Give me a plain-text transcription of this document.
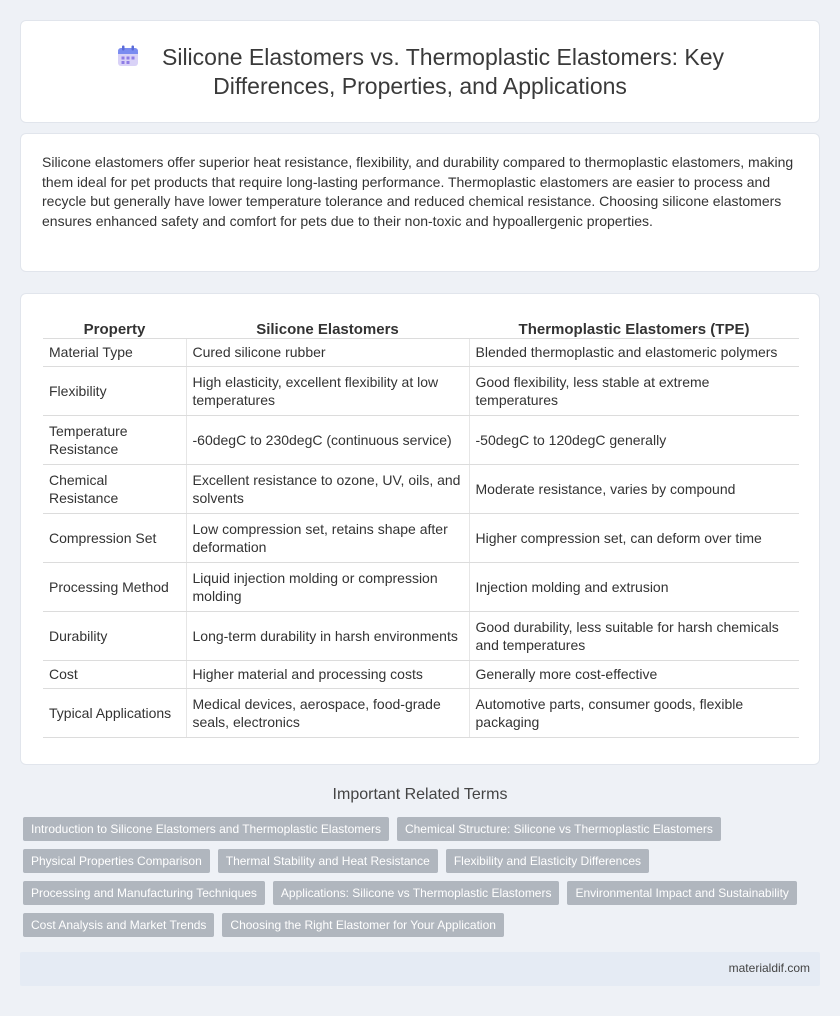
Silicone Elastomers vs. Thermoplastic Elastomers: Key Differences, Properties, and Applications

Silicone elastomers offer superior heat resistance, flexibility, and durability compared to thermoplastic elastomers, making them ideal for pet products that require long-lasting performance. Thermoplastic elastomers are easier to process and recycle but generally have lower temperature tolerance and reduced chemical resistance. Choosing silicone elastomers ensures enhanced safety and comfort for pets due to their non-toxic and hypoallergenic properties.

Property	Silicone Elastomers	Thermoplastic Elastomers (TPE)
Material Type	Cured silicone rubber	Blended thermoplastic and elastomeric polymers
Flexibility	High elasticity, excellent flexibility at low temperatures	Good flexibility, less stable at extreme temperatures
Temperature Resistance	-60degC to 230degC (continuous service)	-50degC to 120degC generally
Chemical Resistance	Excellent resistance to ozone, UV, oils, and solvents	Moderate resistance, varies by compound
Compression Set	Low compression set, retains shape after deformation	Higher compression set, can deform over time
Processing Method	Liquid injection molding or compression molding	Injection molding and extrusion
Durability	Long-term durability in harsh environments	Good durability, less suitable for harsh chemicals and temperatures
Cost	Higher material and processing costs	Generally more cost-effective
Typical Applications	Medical devices, aerospace, food-grade seals, electronics	Automotive parts, consumer goods, flexible packaging
Important Related Terms
Introduction to Silicone Elastomers and Thermoplastic Elastomers	Chemical Structure: Silicone vs Thermoplastic Elastomers
Physical Properties Comparison	Thermal Stability and Heat Resistance	Flexibility and Elasticity Differences
Processing and Manufacturing Techniques	Applications: Silicone vs Thermoplastic Elastomers	Environmental Impact and Sustainability
Cost Analysis and Market Trends	Choosing the Right Elastomer for Your Application
materialdif.com
